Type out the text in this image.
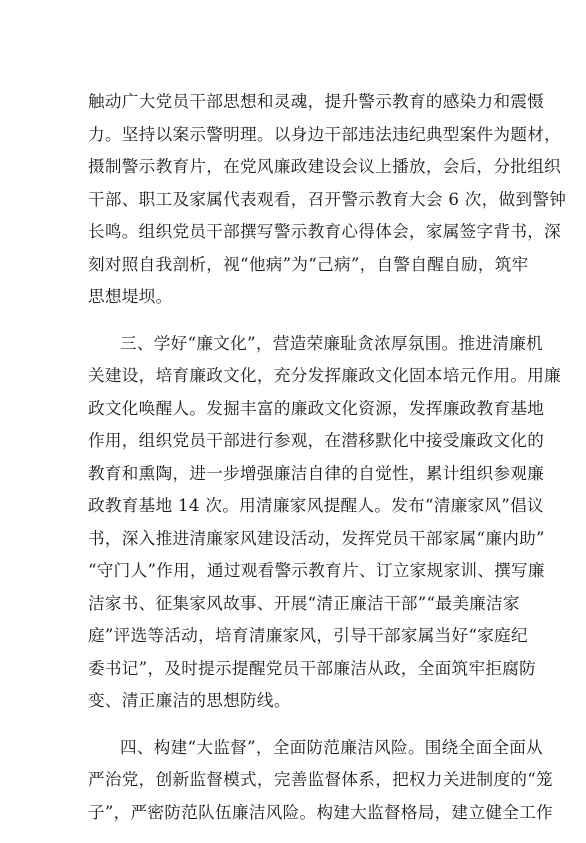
触动广大党员干部思想和灵魂，提升警示教育的感染力和震慑
力。坚持以案示警明理。以身边干部违法违纪典型案件为题材，
摄制警示教育片，在党风廉政建设会议上播放，会后，分批组织
干部、职工及家属代表观看，召开警示教育大会 6 次，做到警钟
长鸣。组织党员干部撰写警示教育心得体会，家属签字背书，深
刻对照自我剖析，视“他病”为“己病”，自警自醒自励，筑牢
思想堤坝。
三、学好“廉文化”，营造荣廉耻贪浓厚氛围。推进清廉机
关建设，培育廉政文化，充分发挥廉政文化固本培元作用。用廉
政文化唤醒人。发掘丰富的廉政文化资源，发挥廉政教育基地
作用，组织党员干部进行参观，在潜移默化中接受廉政文化的
教育和熏陶，进一步增强廉洁自律的自觉性，累计组织参观廉
政教育基地 14 次。用清廉家风提醒人。发布“清廉家风”倡议
书，深入推进清廉家风建设活动，发挥党员干部家属“廉内助”
“守门人”作用，通过观看警示教育片、订立家规家训、撰写廉
洁家书、征集家风故事、开展“清正廉洁干部”“最美廉洁家
庭”评选等活动，培育清廉家风，引导干部家属当好“家庭纪
委书记”，及时提示提醒党员干部廉洁从政，全面筑牢拒腐防
变、清正廉洁的思想防线。
四、构建“大监督”，全面防范廉洁风险。围绕全面全面从
严治党，创新监督模式，完善监督体系，把权力关进制度的“笼
子”，严密防范队伍廉洁风险。构建大监督格局，建立健全工作
